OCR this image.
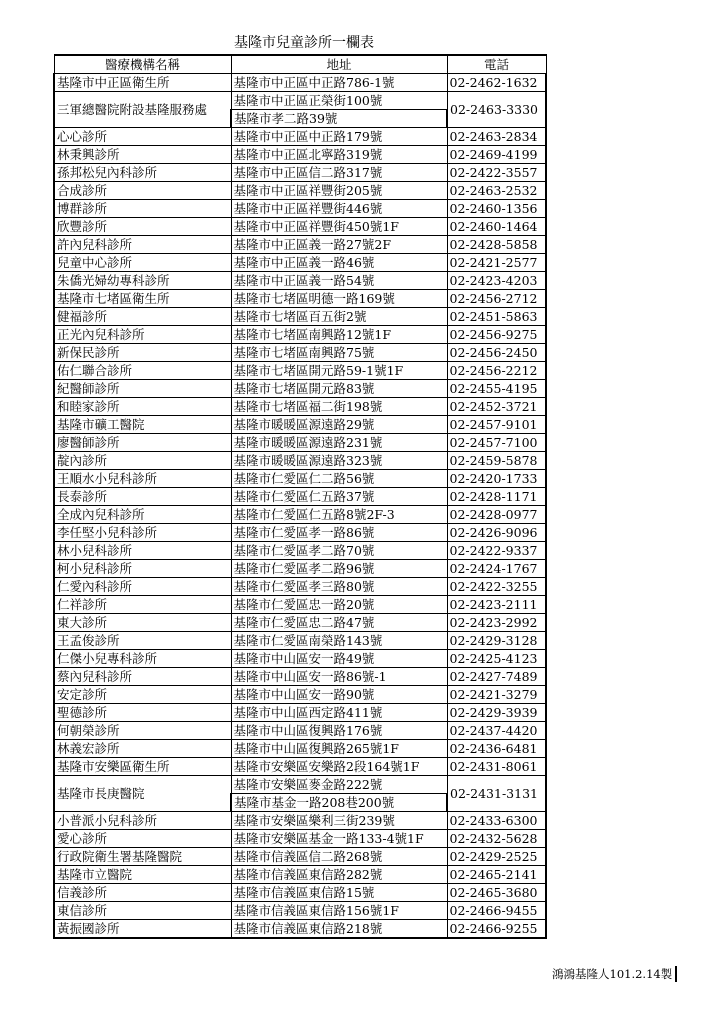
基隆市兒童診所一欄表
醫療機構名稱	地址	電話
基隆市中正區衛生所	基隆市中正區中正路786-1號	02-2462-1632
三軍總醫院附設基隆服務處	基隆市中正區正榮街100號	02-2463-3330
	基隆市孝二路39號	
心心診所	基隆市中正區中正路179號	02-2463-2834
林秉興診所	基隆市中正區北寧路319號	02-2469-4199
孫邦松兒內科診所	基隆市中正區信二路317號	02-2422-3557
合成診所	基隆市中正區祥豐街205號	02-2463-2532
博群診所	基隆市中正區祥豐街446號	02-2460-1356
欣豐診所	基隆市中正區祥豐街450號1F	02-2460-1464
許內兒科診所	基隆市中正區義一路27號2F	02-2428-5858
兒童中心診所	基隆市中正區義一路46號	02-2421-2577
朱僑光婦幼專科診所	基隆市中正區義一路54號	02-2423-4203
基隆市七堵區衛生所	基隆市七堵區明德一路169號	02-2456-2712
健福診所	基隆市七堵區百五街2號	02-2451-5863
正光內兒科診所	基隆市七堵區南興路12號1F	02-2456-9275
新保民診所	基隆市七堵區南興路75號	02-2456-2450
佑仁聯合診所	基隆市七堵區開元路59-1號1F	02-2456-2212
紀醫師診所	基隆市七堵區開元路83號	02-2455-4195
和睦家診所	基隆市七堵區福二街198號	02-2452-3721
基隆市礦工醫院	基隆市暖暖區源遠路29號	02-2457-9101
廖醫師診所	基隆市暖暖區源遠路231號	02-2457-7100
靛內診所	基隆市暖暖區源遠路323號	02-2459-5878
王順水小兒科診所	基隆市仁愛區仁二路56號	02-2420-1733
長泰診所	基隆市仁愛區仁五路37號	02-2428-1171
全成內兒科診所	基隆市仁愛區仁五路8號2F-3	02-2428-0977
李任堅小兒科診所	基隆市仁愛區孝一路86號	02-2426-9096
林小兒科診所	基隆市仁愛區孝二路70號	02-2422-9337
柯小兒科診所	基隆市仁愛區孝二路96號	02-2424-1767
仁愛內科診所	基隆市仁愛區孝三路80號	02-2422-3255
仁祥診所	基隆市仁愛區忠一路20號	02-2423-2111
東大診所	基隆市仁愛區忠二路47號	02-2423-2992
王孟俊診所	基隆市仁愛區南榮路143號	02-2429-3128
仁傑小兒專科診所	基隆市中山區安一路49號	02-2425-4123
蔡內兒科診所	基隆市中山區安一路86號-1	02-2427-7489
安定診所	基隆市中山區安一路90號	02-2421-3279
聖德診所	基隆市中山區西定路411號	02-2429-3939
何朝榮診所	基隆市中山區復興路176號	02-2437-4420
林義宏診所	基隆市中山區復興路265號1F	02-2436-6481
基隆市安樂區衛生所	基隆市安樂區安樂路2段164號1F	02-2431-8061
基隆市長庚醫院	基隆市安樂區麥金路222號	02-2431-3131
	基隆市基金一路208巷200號	
小普派小兒科診所	基隆市安樂區樂利三街239號	02-2433-6300
愛心診所	基隆市安樂區基金一路133-4號1F	02-2432-5628
行政院衛生署基隆醫院	基隆市信義區信二路268號	02-2429-2525
基隆市立醫院	基隆市信義區東信路282號	02-2465-2141
信義診所	基隆市信義區東信路15號	02-2465-3680
東信診所	基隆市信義區東信路156號1F	02-2466-9455
黃振國診所	基隆市信義區東信路218號	02-2466-9255
鴻鴻基隆人101.2.14製
